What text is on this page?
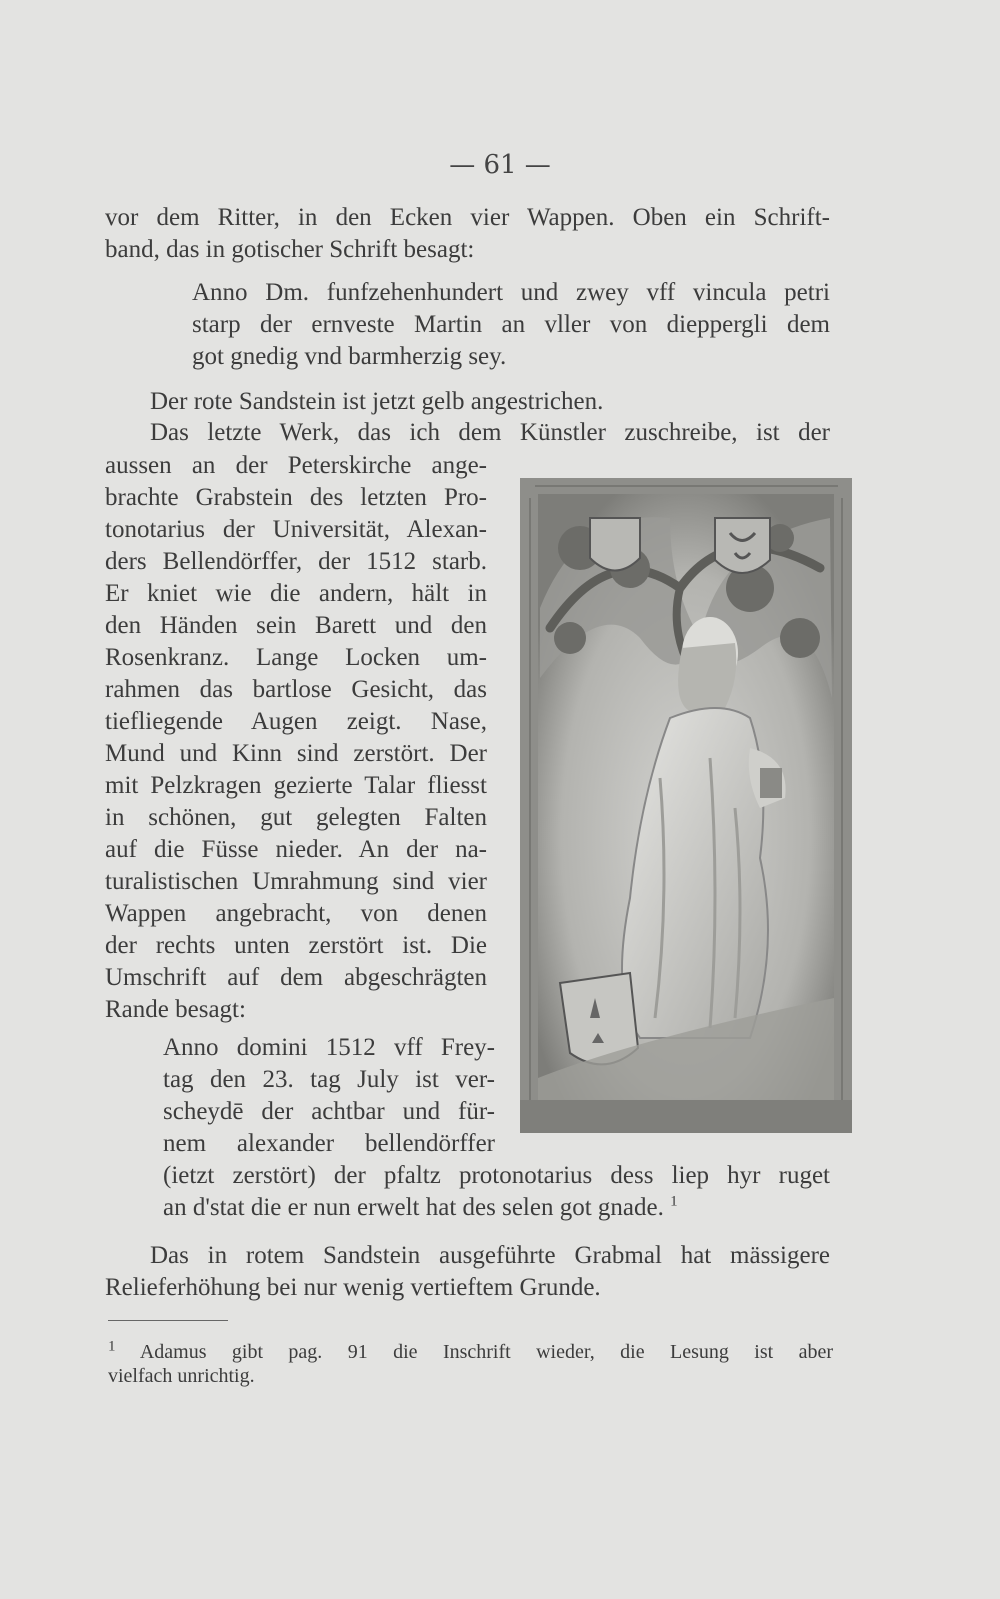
— 61 —
vor dem Ritter, in den Ecken vier Wappen. Oben ein Schrift-
band, das in gotischer Schrift besagt:
Anno Dm. funfzehenhundert und zwey vff vincula petri
starp der ernveste Martin an vller von dieppergli dem
got gnedig vnd barmherzig sey.
Der rote Sandstein ist jetzt gelb angestrichen.
Das letzte Werk, das ich dem Künstler zuschreibe, ist der
aussen an der Peterskirche ange-
brachte Grabstein des letzten Pro-
tonotarius der Universität, Alexan-
ders Bellendörffer, der 1512 starb.
Er kniet wie die andern, hält in
den Händen sein Barett und den
Rosenkranz. Lange Locken um-
rahmen das bartlose Gesicht, das
tiefliegende Augen zeigt. Nase,
Mund und Kinn sind zerstört. Der
mit Pelzkragen gezierte Talar fliesst
in schönen, gut gelegten Falten
auf die Füsse nieder. An der na-
turalistischen Umrahmung sind vier
Wappen angebracht, von denen
der rechts unten zerstört ist. Die
Umschrift auf dem abgeschrägten
Rande besagt:
Anno domini 1512 vff Frey-
tag den 23. tag July ist ver-
scheydē der achtbar und für-
nem alexander bellendörffer
(ietzt zerstört) der pfaltz protonotarius dess liep hyr ruget
an d'stat die er nun erwelt hat des selen got gnade. $^1$
Das in rotem Sandstein ausgeführte Grabmal hat mässigere
Relieferhöhung bei nur wenig vertieftem Grunde.
$^1$ Adamus gibt pag. 91 die Inschrift wieder, die Lesung ist aber
vielfach unrichtig.
